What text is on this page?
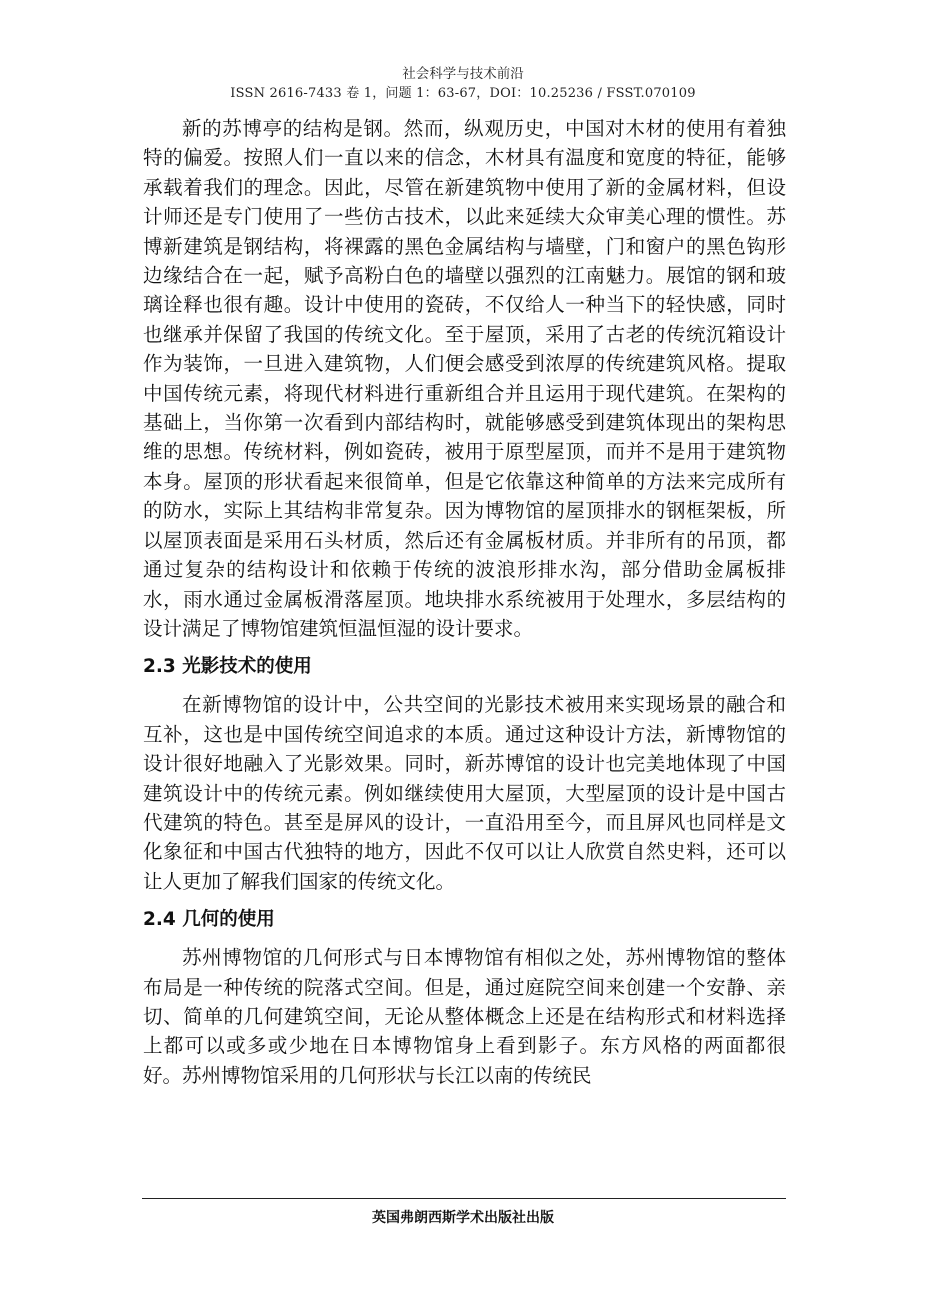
社会科学与技术前沿
ISSN 2616-7433 卷 1，问题 1：63-67，DOI：10.25236 / FSST.070109

新的苏博亭的结构是钢。然而，纵观历史，中国对木材的使用有着独特的偏爱。按照人们一直以来的信念，木材具有温度和宽度的特征，能够承载着我们的理念。因此，尽管在新建筑物中使用了新的金属材料，但设计师还是专门使用了一些仿古技术，以此来延续大众审美心理的惯性。苏博新建筑是钢结构，将裸露的黑色金属结构与墙壁，门和窗户的黑色钩形边缘结合在一起，赋予高粉白色的墙壁以强烈的江南魅力。展馆的钢和玻璃诠释也很有趣。设计中使用的瓷砖，不仅给人一种当下的轻快感，同时也继承并保留了我国的传统文化。至于屋顶，采用了古老的传统沉箱设计作为装饰，一旦进入建筑物，人们便会感受到浓厚的传统建筑风格。提取中国传统元素，将现代材料进行重新组合并且运用于现代建筑。在架构的基础上，当你第一次看到内部结构时，就能够感受到建筑体现出的架构思维的思想。传统材料，例如瓷砖，被用于原型屋顶，而并不是用于建筑物本身。屋顶的形状看起来很简单，但是它依靠这种简单的方法来完成所有的防水，实际上其结构非常复杂。因为博物馆的屋顶排水的钢框架板，所以屋顶表面是采用石头材质，然后还有金属板材质。并非所有的吊顶，都通过复杂的结构设计和依赖于传统的波浪形排水沟，部分借助金属板排水，雨水通过金属板滑落屋顶。地块排水系统被用于处理水，多层结构的设计满足了博物馆建筑恒温恒湿的设计要求。

2.3 光影技术的使用

在新博物馆的设计中，公共空间的光影技术被用来实现场景的融合和互补，这也是中国传统空间追求的本质。通过这种设计方法，新博物馆的设计很好地融入了光影效果。同时，新苏博馆的设计也完美地体现了中国建筑设计中的传统元素。例如继续使用大屋顶，大型屋顶的设计是中国古代建筑的特色。甚至是屏风的设计，一直沿用至今，而且屏风也同样是文化象征和中国古代独特的地方，因此不仅可以让人欣赏自然史料，还可以让人更加了解我们国家的传统文化。

2.4 几何的使用

苏州博物馆的几何形式与日本博物馆有相似之处，苏州博物馆的整体布局是一种传统的院落式空间。但是，通过庭院空间来创建一个安静、亲切、简单的几何建筑空间，无论从整体概念上还是在结构形式和材料选择上都可以或多或少地在日本博物馆身上看到影子。东方风格的两面都很好。苏州博物馆采用的几何形状与长江以南的传统民

英国弗朗西斯学术出版社出版
